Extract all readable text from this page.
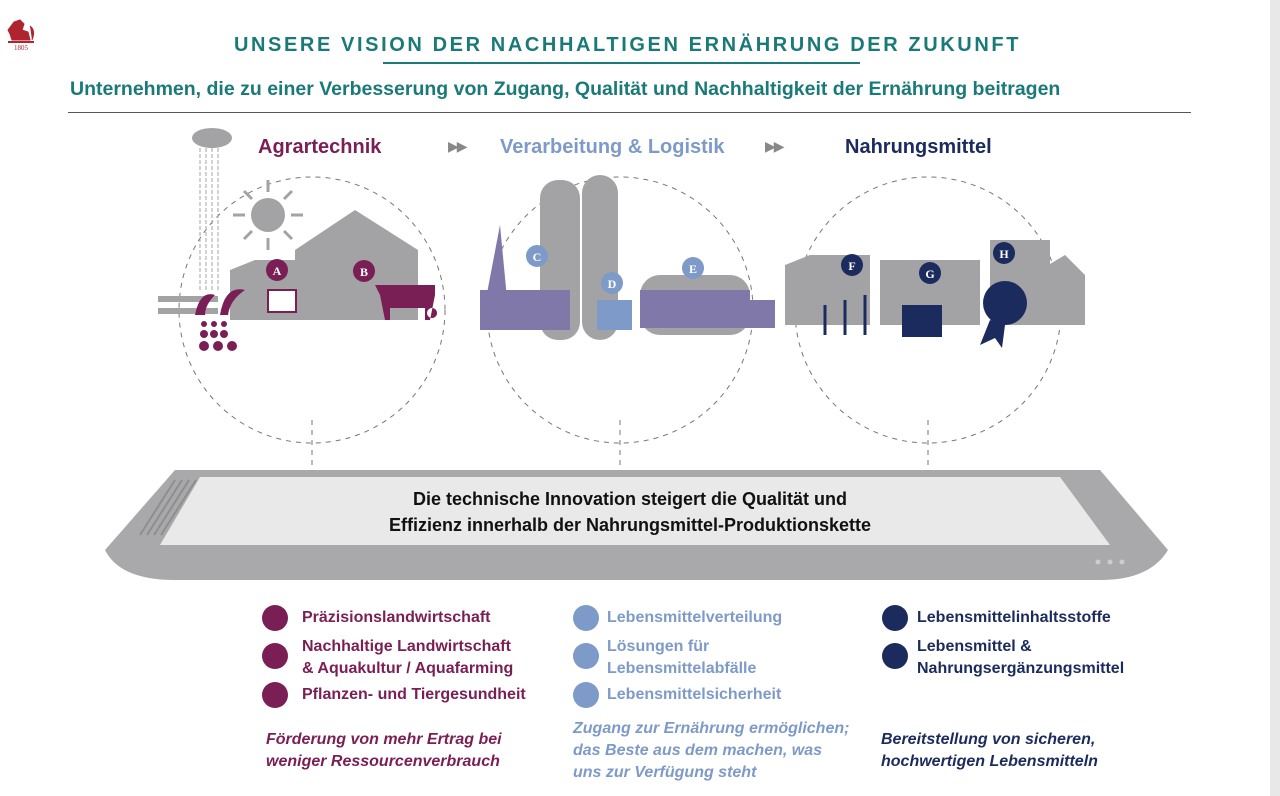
1805	UNSERE VISION DER NACHHALTIGEN ERNÄHRUNG DER ZUKUNFT
Unternehmen, die zu einer Verbesserung von Zugang, Qualität und Nachhaltigkeit der Ernährung beitragen
Agrartechnik	▶▶ Verarbeitung & Logistik	▶▶	Nahrungsmittel
A	B
C
D
E	F
G
H
Die technische Innovation steigert die Qualität und
Effizienz innerhalb der Nahrungsmittel-Produktionskette
Präzisionslandwirtschaft
Nachhaltige Landwirtschaft
& Aquakultur / Aquafarming
Pflanzen- und Tiergesundheit
Förderung von mehr Ertrag bei
weniger Ressourcenverbrauch
Lebensmittelverteilung
Lösungen für
Lebensmittelabfälle
Lebensmittelsicherheit
Zugang zur Ernährung ermöglichen;
das Beste aus dem machen, was
uns zur Verfügung steht
Lebensmittelinhaltsstoffe
Lebensmittel &
Nahrungsergänzungsmittel
Bereitstellung von sicheren,
hochwertigen Lebensmitteln
